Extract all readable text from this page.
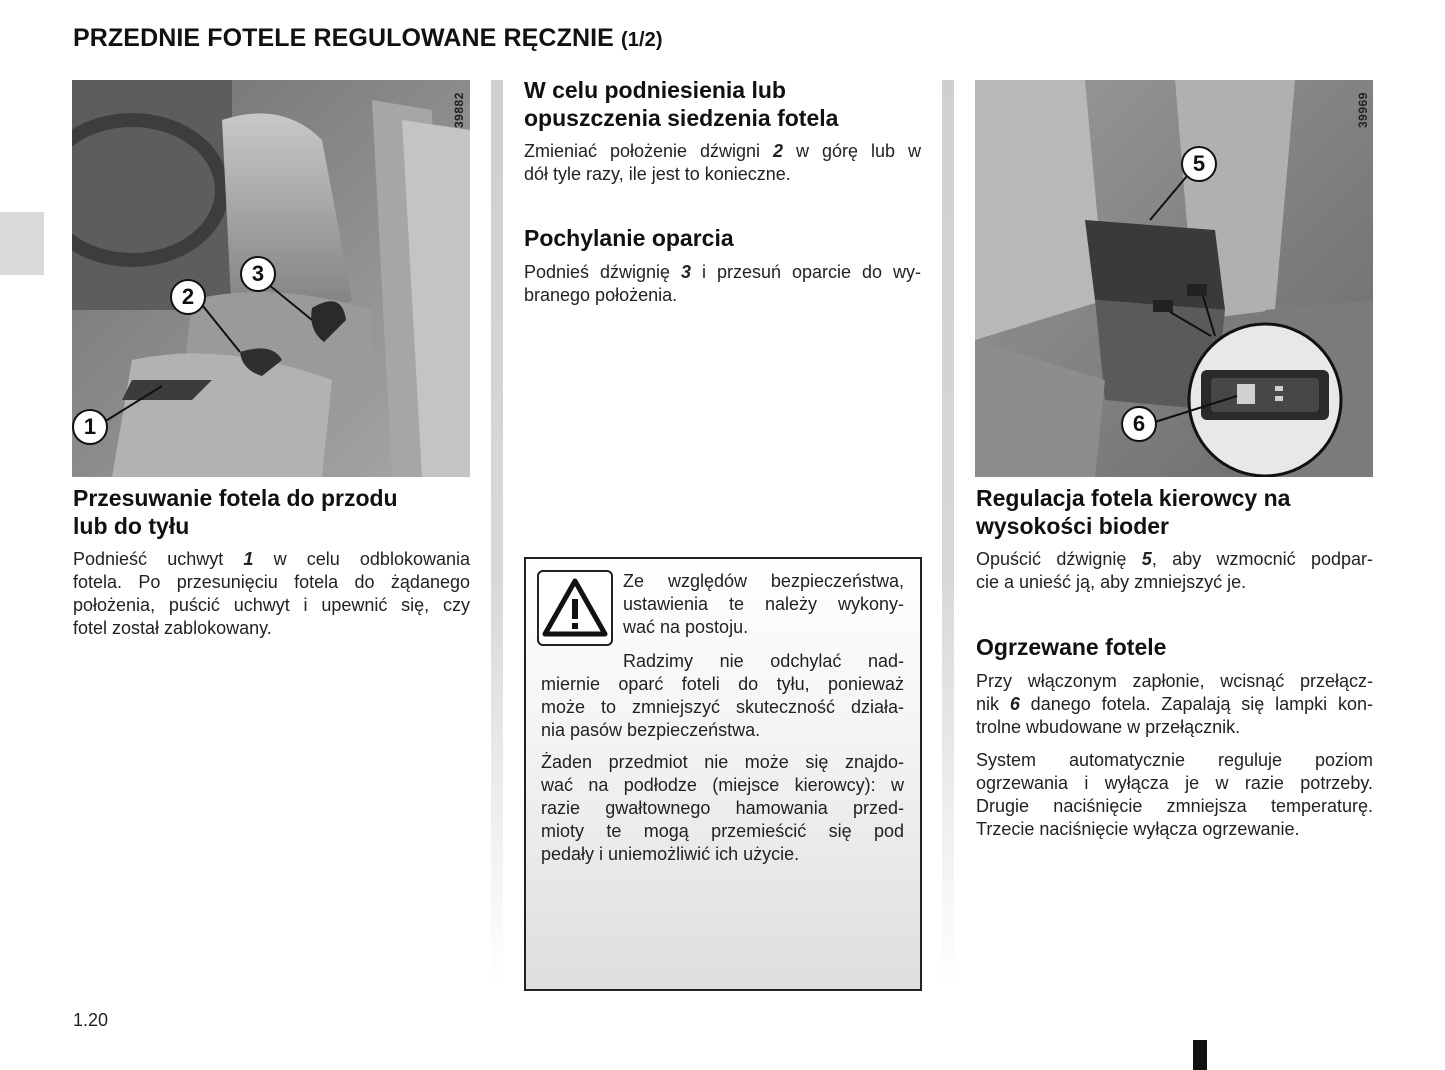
PRZEDNIE FOTELE REGULOWANE RĘCZNIE (1/2)
39882
1
2
3
39969
5
6
Przesuwanie fotela do przodu
lub do tyłu

Podnieść uchwyt 1 w celu odblokowania
fotela. Po przesunięciu fotela do żądanego
położenia, puścić uchwyt i upewnić się, czy
fotel został zablokowany.

W celu podniesienia lub
opuszczenia siedzenia fotela

Zmieniać położenie dźwigni 2 w górę lub w
dół tyle razy, ile jest to konieczne.

Pochylanie oparcia

Podnieś dźwignię 3 i przesuń oparcie do wy-
branego położenia.

Ze względów bezpieczeństwa,
ustawienia te należy wykony-
wać na postoju.

Radzimy nie odchylać nad-
miernie oparć foteli do tyłu, ponieważ
może to zmniejszyć skuteczność działa-
nia pasów bezpieczeństwa.

Żaden przedmiot nie może się znajdo-
wać na podłodze (miejsce kierowcy): w
razie gwałtownego hamowania przed-
mioty te mogą przemieścić się pod
pedały i uniemożliwić ich użycie.

Regulacja fotela kierowcy na
wysokości bioder

Opuścić dźwignię 5, aby wzmocnić podpar-
cie a unieść ją, aby zmniejszyć je.

Ogrzewane fotele

Przy włączonym zapłonie, wcisnąć przełącz-
nik 6 danego fotela. Zapalają się lampki kon-
trolne wbudowane w przełącznik.

System automatycznie reguluje poziom
ogrzewania i wyłącza je w razie potrzeby.
Drugie naciśnięcie zmniejsza temperaturę.
Trzecie naciśnięcie wyłącza ogrzewanie.

1.20
